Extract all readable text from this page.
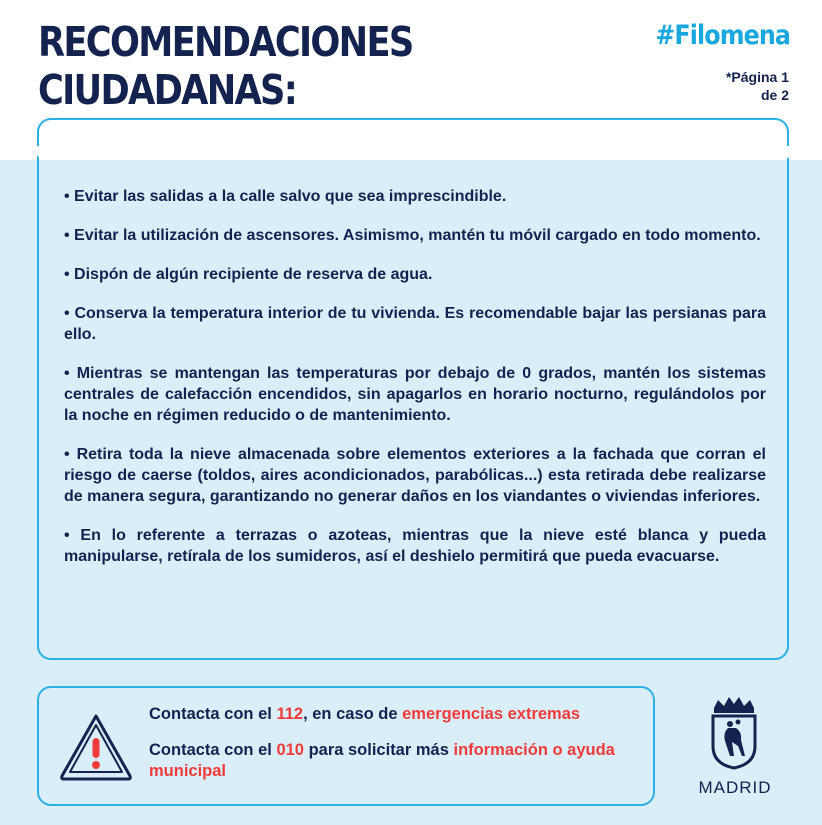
RECOMENDACIONES
CIUDADANAS:
#Filomena
*Página 1
de 2
• Evitar las salidas a la calle salvo que sea imprescindible.
• Evitar la utilización de ascensores. Asimismo, mantén tu móvil cargado en todo momento.
• Dispón de algún recipiente de reserva de agua.
• Conserva la temperatura interior de tu vivienda. Es recomendable bajar las persianas para ello.
• Mientras se mantengan las temperaturas por debajo de 0 grados, mantén los sistemas centrales de calefacción encendidos, sin apagarlos en horario nocturno, regulándolos por la noche en régimen reducido o de mantenimiento.
• Retira toda la nieve almacenada sobre elementos exteriores a la fachada que corran el riesgo de caerse (toldos, aires acondicionados, parabólicas...) esta retirada debe realizarse de manera segura, garantizando no generar daños en los viandantes o viviendas inferiores.
• En lo referente a terrazas o azoteas, mientras que la nieve esté blanca y pueda manipularse, retírala de los sumideros, así el deshielo permitirá que pueda evacuarse.
Contacta con el 112, en caso de emergencias extremas
Contacta con el 010 para solicitar más información o ayuda municipal
MADRID
